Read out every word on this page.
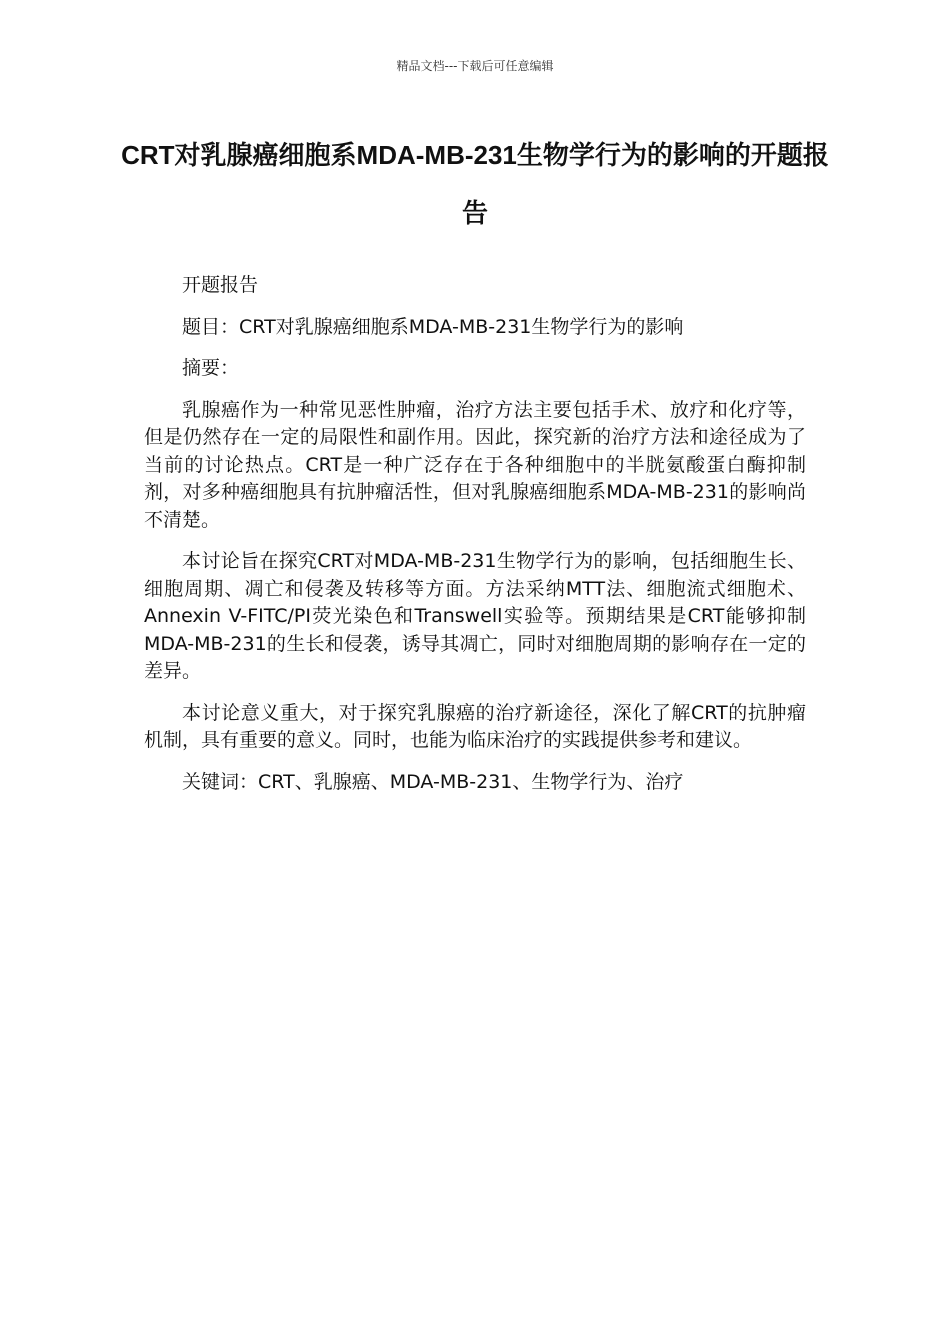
精品文档---下载后可任意编辑
CRT对乳腺癌细胞系MDA-MB-231生物学行为的影响的开题报告

开题报告

题目：CRT对乳腺癌细胞系MDA-MB-231生物学行为的影响

摘要：

乳腺癌作为一种常见恶性肿瘤，治疗方法主要包括手术、放疗和化疗等，但是仍然存在一定的局限性和副作用。因此，探究新的治疗方法和途径成为了当前的讨论热点。CRT是一种广泛存在于各种细胞中的半胱氨酸蛋白酶抑制剂，对多种癌细胞具有抗肿瘤活性，但对乳腺癌细胞系MDA-MB-231的影响尚不清楚。

本讨论旨在探究CRT对MDA-MB-231生物学行为的影响，包括细胞生长、细胞周期、凋亡和侵袭及转移等方面。方法采纳MTT法、细胞流式细胞术、Annexin V-FITC/PI荧光染色和Transwell实验等。预期结果是CRT能够抑制MDA-MB-231的生长和侵袭，诱导其凋亡，同时对细胞周期的影响存在一定的差异。

本讨论意义重大，对于探究乳腺癌的治疗新途径，深化了解CRT的抗肿瘤机制，具有重要的意义。同时，也能为临床治疗的实践提供参考和建议。

关键词：CRT、乳腺癌、MDA-MB-231、生物学行为、治疗
